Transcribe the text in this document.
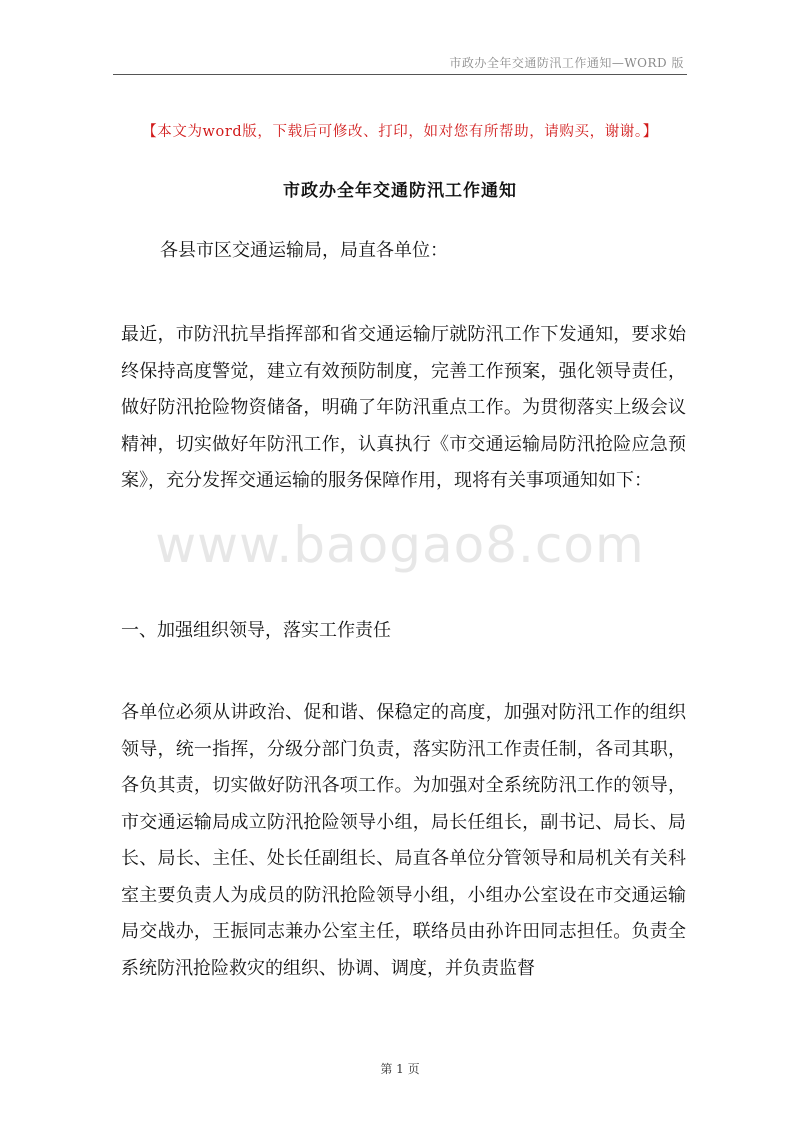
市政办全年交通防汛工作通知—WORD 版
【本文为word版，下载后可修改、打印，如对您有所帮助，请购买，谢谢。】
市政办全年交通防汛工作通知
各县市区交通运输局，局直各单位：

最近，市防汛抗旱指挥部和省交通运输厅就防汛工作下发通知，要求始终保持高度警觉，建立有效预防制度，完善工作预案，强化领导责任，做好防汛抢险物资储备，明确了年防汛重点工作。为贯彻落实上级会议精神，切实做好年防汛工作，认真执行《市交通运输局防汛抢险应急预案》，充分发挥交通运输的服务保障作用，现将有关事项通知如下：

www.baogao8.com
一、加强组织领导，落实工作责任

各单位必须从讲政治、促和谐、保稳定的高度，加强对防汛工作的组织领导，统一指挥，分级分部门负责，落实防汛工作责任制，各司其职，各负其责，切实做好防汛各项工作。为加强对全系统防汛工作的领导，市交通运输局成立防汛抢险领导小组，局长任组长，副书记、局长、局长、局长、主任、处长任副组长、局直各单位分管领导和局机关有关科室主要负责人为成员的防汛抢险领导小组，小组办公室设在市交通运输局交战办，王振同志兼办公室主任，联络员由孙许田同志担任。负责全系统防汛抢险救灾的组织、协调、调度，并负责监督

第 1 页
